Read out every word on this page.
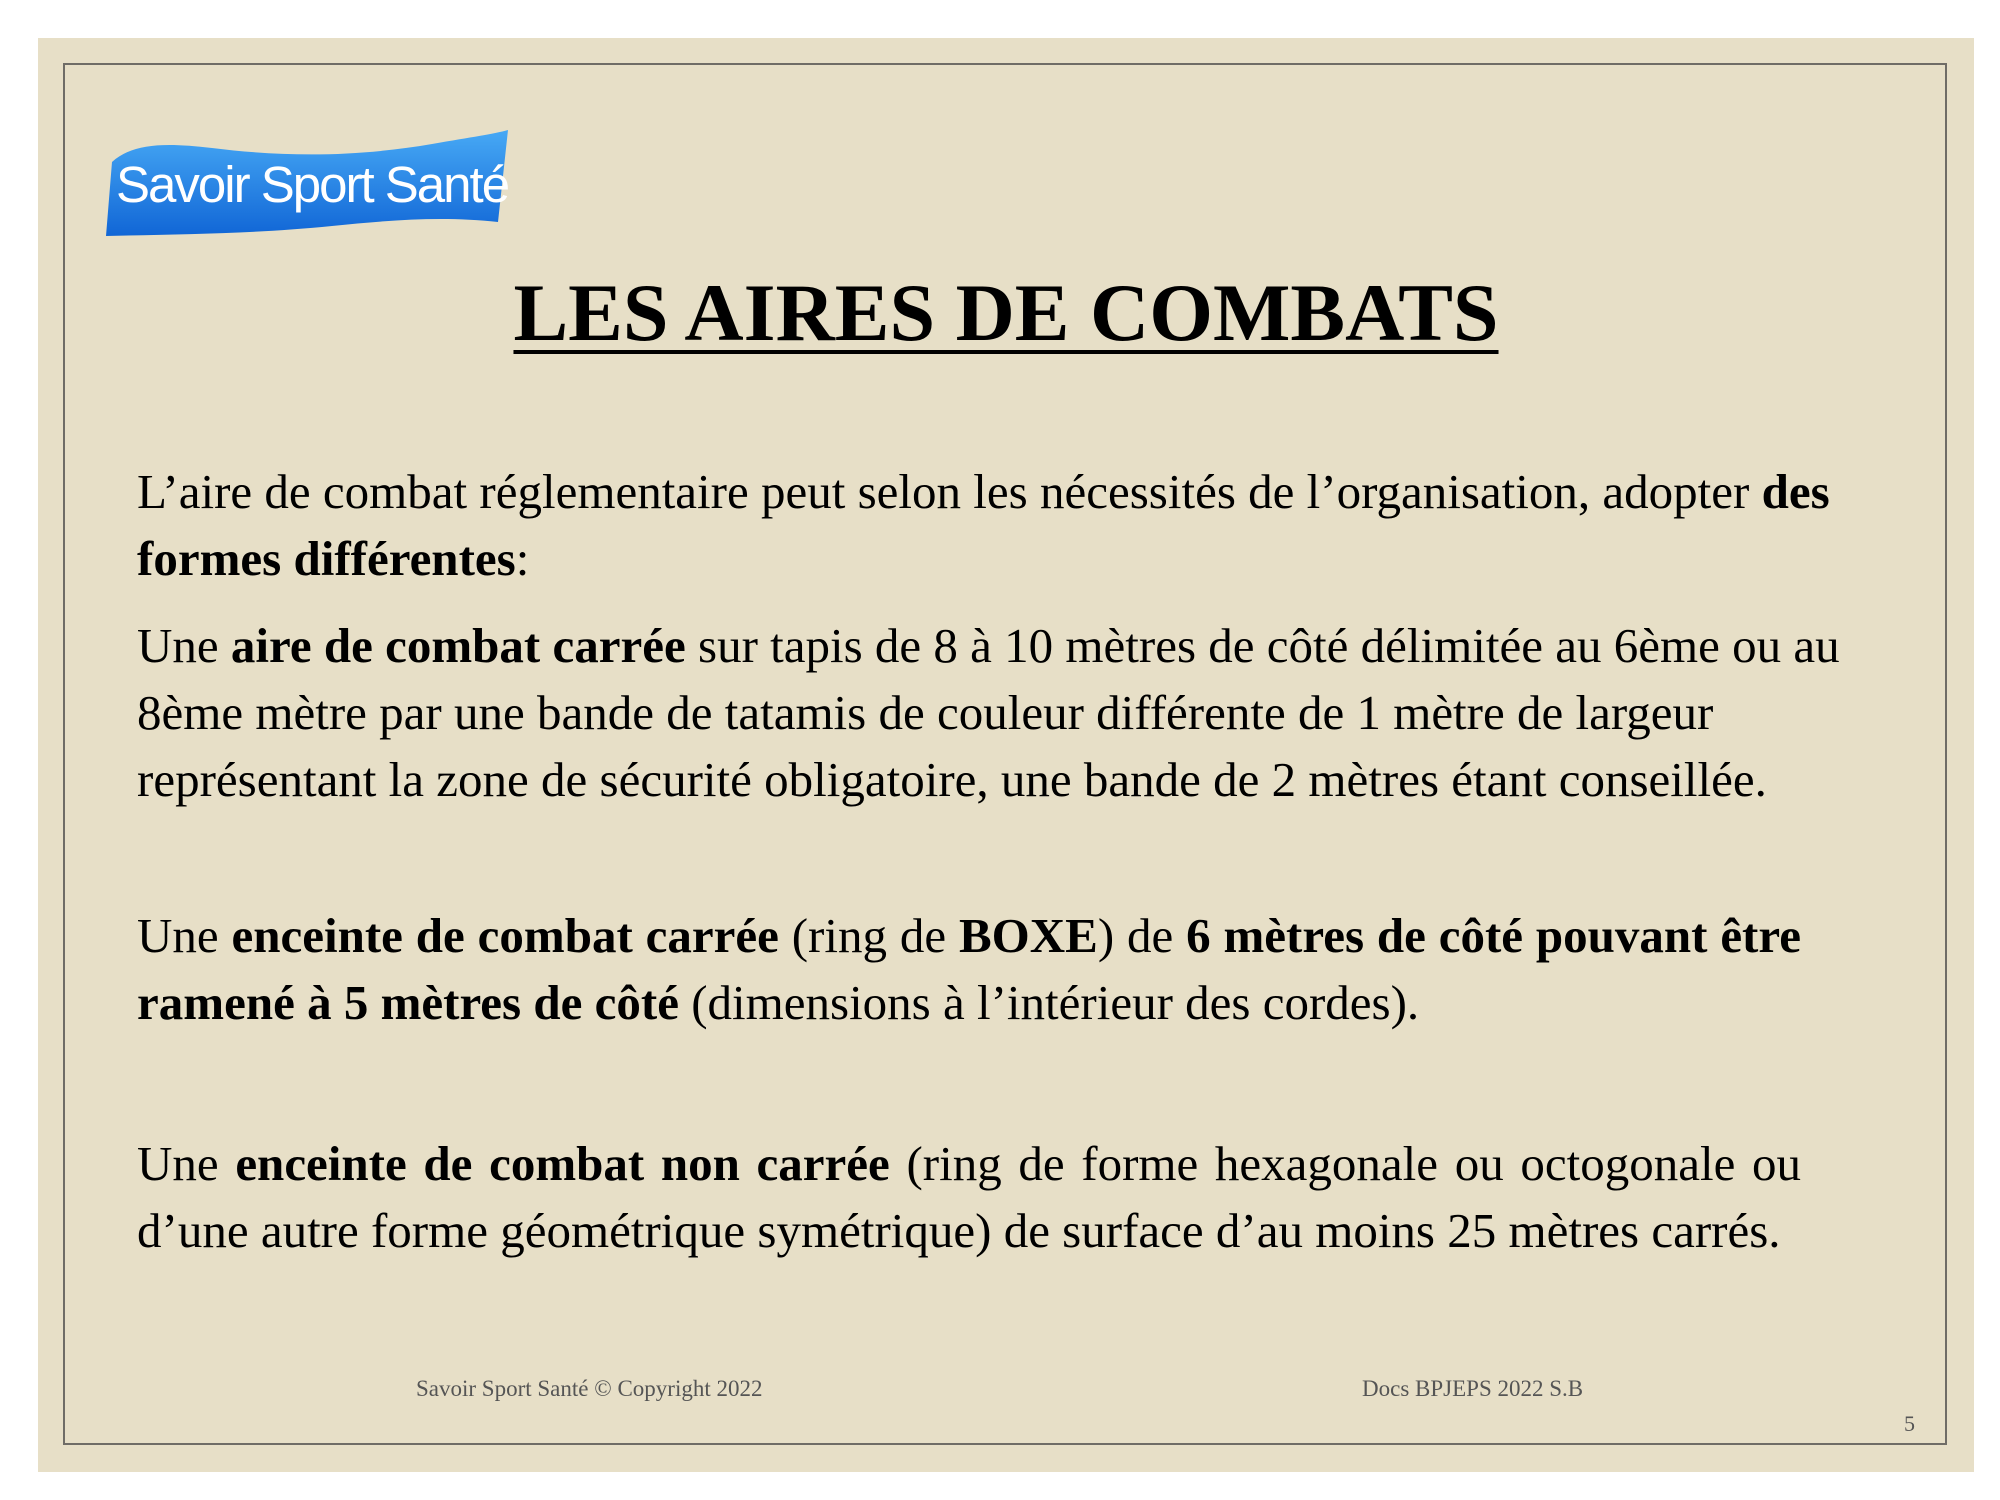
Savoir Sport Santé
LES AIRES DE COMBATS

L’aire de combat réglementaire peut selon les nécessités de l’organisation, adopter des formes différentes:

Une aire de combat carrée sur tapis de 8 à 10 mètres de côté délimitée au 6ème ou au 8ème mètre par une bande de tatamis de couleur différente de 1 mètre de largeur représentant la zone de sécurité obligatoire, une bande de 2 mètres étant conseillée.

Une enceinte de combat carrée (ring de BOXE) de 6 mètres de côté pouvant être ramené à 5 mètres de côté (dimensions à l’intérieur des cordes).

Une enceinte de combat non carrée (ring de forme hexagonale ou octogonale ou d’une autre forme géométrique symétrique) de surface d’au moins 25 mètres carrés.

Savoir Sport Santé © Copyright 2022	Docs BPJEPS 2022 S.B
5
